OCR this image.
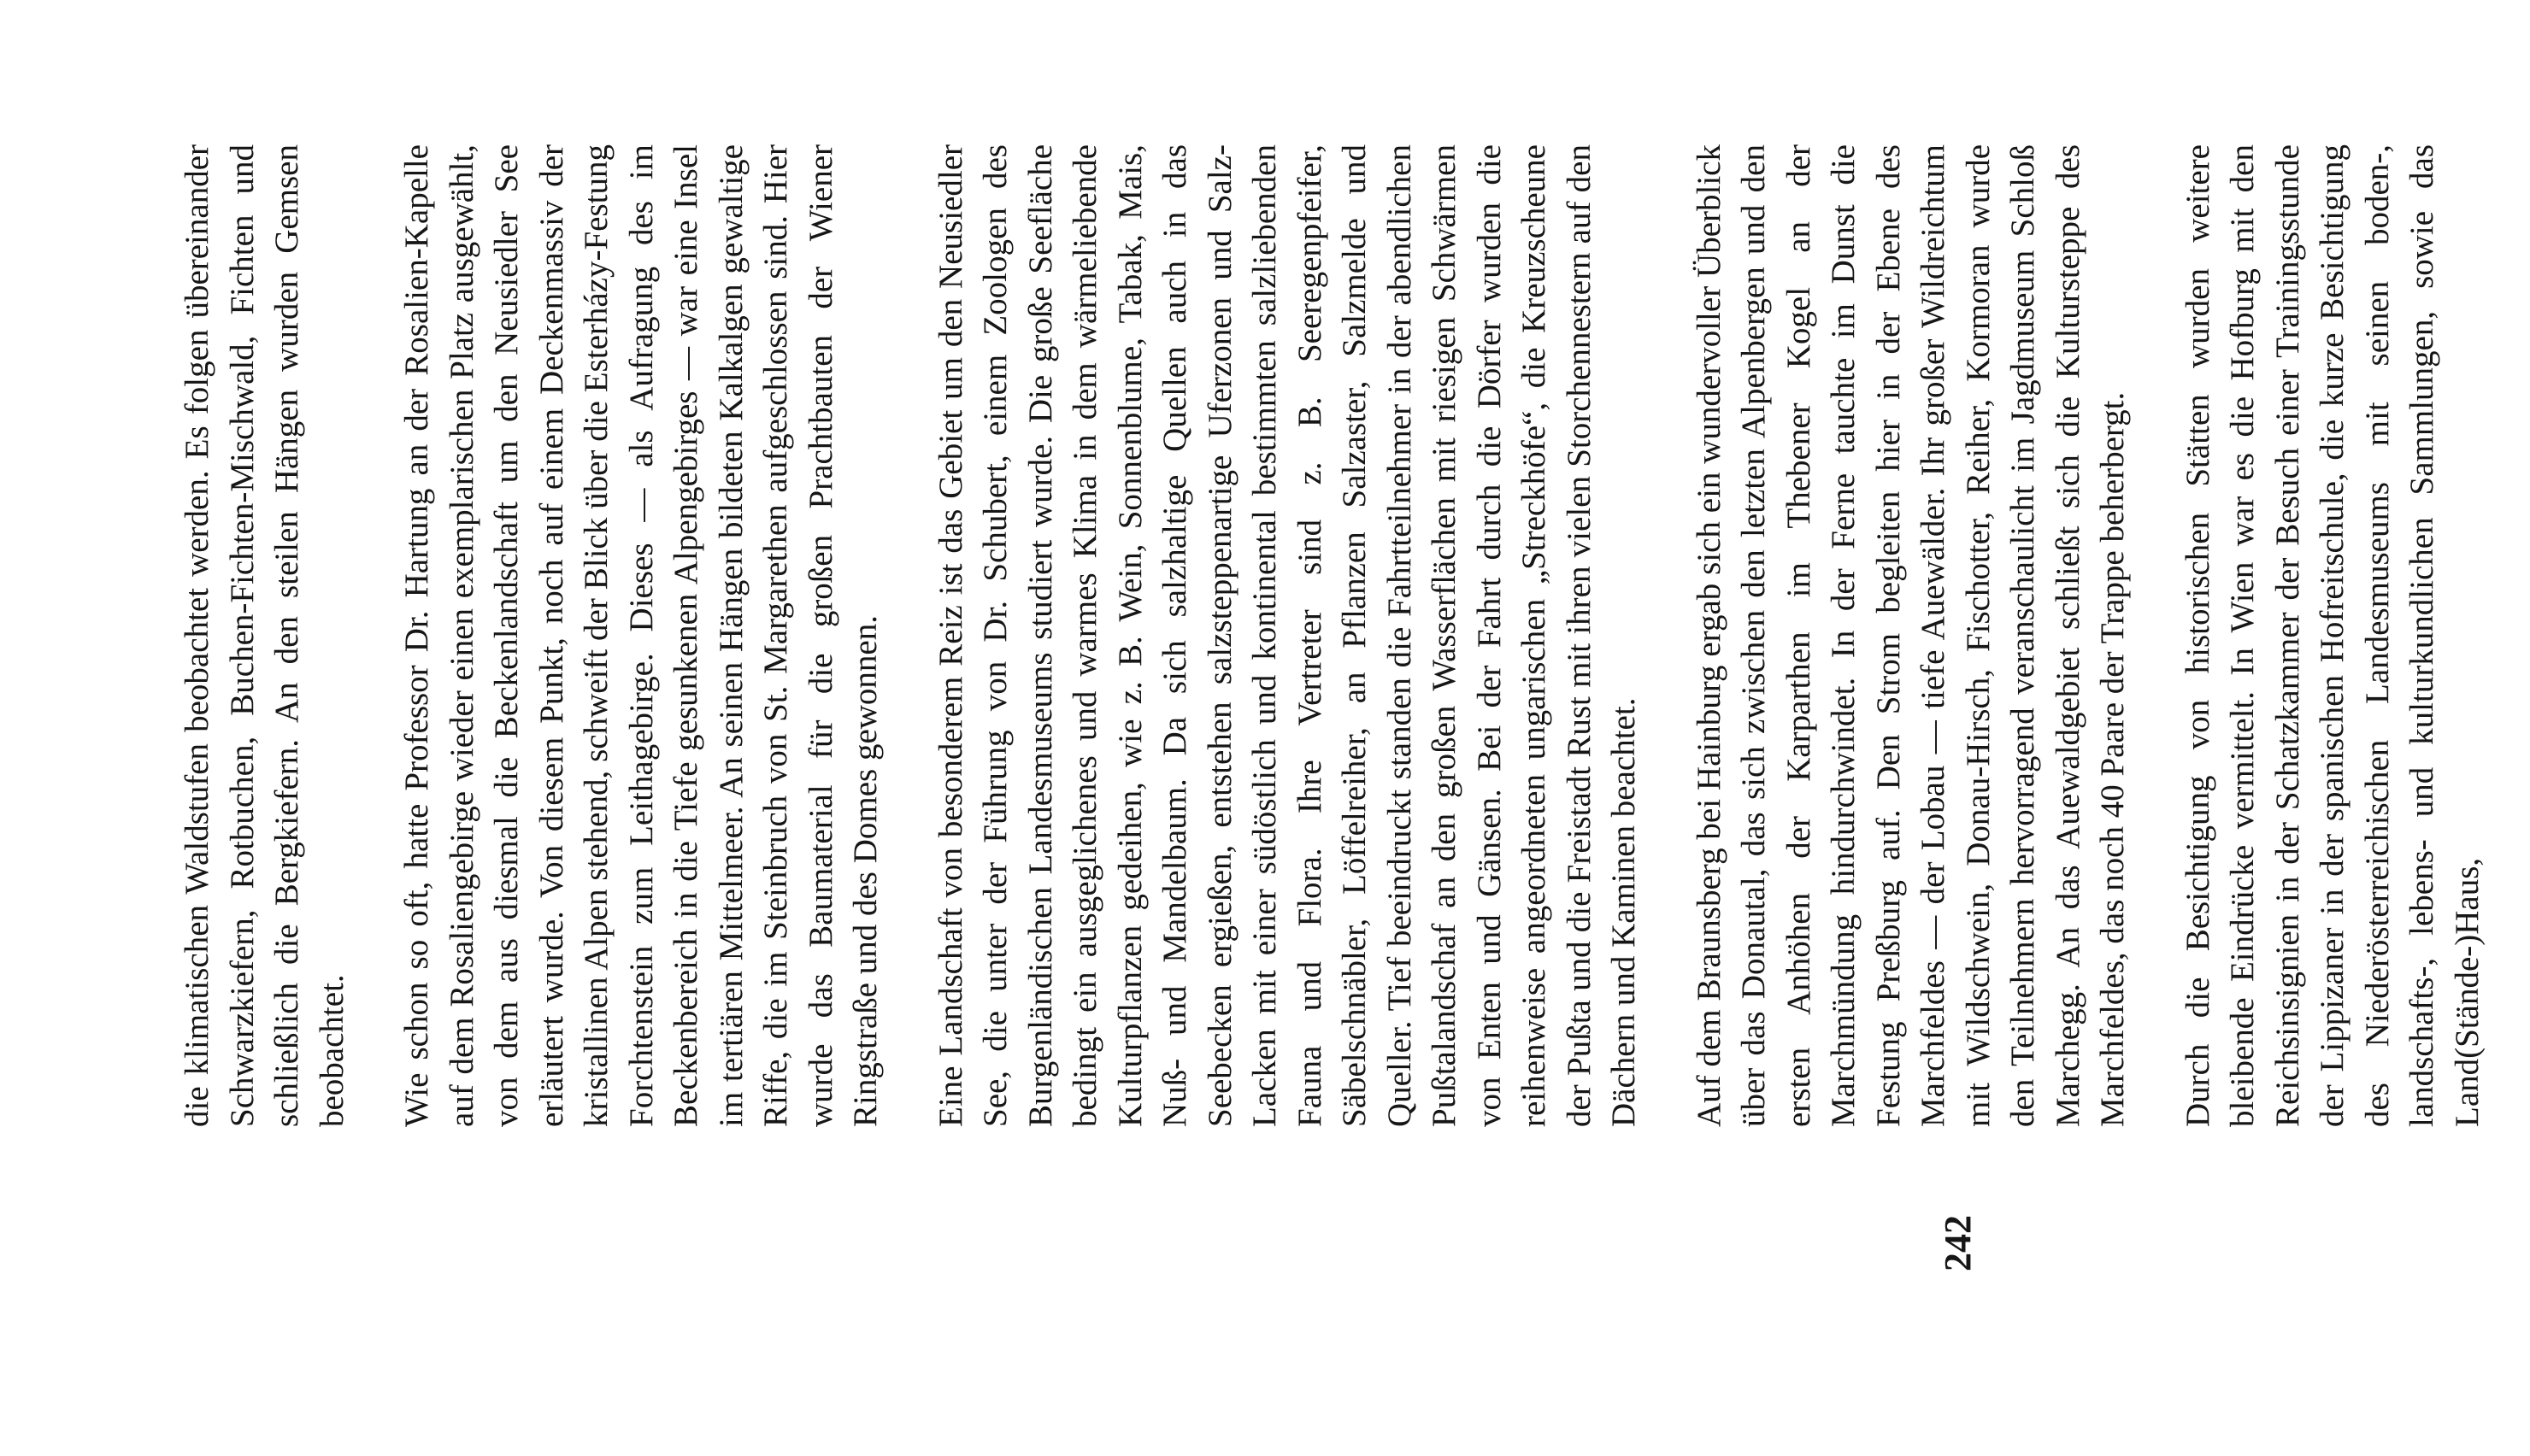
die klimatischen Waldstufen beobachtet werden. Es folgen übereinander Schwarzkiefern, Rotbuchen, Buchen-Fichten-Mischwald, Fichten und schließlich die Bergkiefern. An den steilen Hängen wurden Gemsen beobachtet. Wie schon so oft, hatte Professor Dr. Hartung an der Rosalien-Kapelle auf dem Rosaliengebirge wieder einen exemplarischen Platz ausgewählt, von dem aus diesmal die Beckenlandschaft um den Neusiedler See erläutert wurde. Von diesem Punkt, noch auf einem Deckenmassiv der kristallinen Alpen stehend, schweift der Blick über die Esterházy-Festung Forchtenstein zum Leithagebirge. Dieses — als Aufragung des im Beckenbereich in die Tiefe gesunkenen Alpengebirges — war eine Insel im tertiären Mittelmeer. An seinen Hängen bildeten Kalkalgen gewaltige Riffe, die im Steinbruch von St. Margarethen aufgeschlossen sind. Hier wurde das Baumaterial für die großen Prachtbauten der Wiener Ringstraße und des Domes gewonnen. Eine Landschaft von besonderem Reiz ist das Gebiet um den Neusiedler See, die unter der Führung von Dr. Schubert, einem Zoologen des Burgenländischen Landesmuseums studiert wurde. Die große Seefläche bedingt ein ausgeglichenes und warmes Klima in dem wärmeliebende Kulturpflanzen gedeihen, wie z. B. Wein, Sonnenblume, Tabak, Mais, Nuß- und Mandelbaum. Da sich salzhaltige Quellen auch in das Seebecken ergießen, entstehen salzsteppenartige Uferzonen und Salz-Lacken mit einer südöstlich und kontinental bestimmten salzliebenden Fauna und Flora. Ihre Vertreter sind z. B. Seeregenpfeifer, Säbelschnäbler, Löffelreiher, an Pflanzen Salzaster, Salzmelde und Queller. Tief beeindruckt standen die Fahrtteilnehmer in der abendlichen Pußtalandschaf an den großen Wasserflächen mit riesigen Schwärmen von Enten und Gänsen. Bei der Fahrt durch die Dörfer wurden die reihenweise angeordneten ungarischen „Streckhöfe“, die Kreuzscheune der Pußta und die Freistadt Rust mit ihren vielen Storchennestern auf den Dächern und Kaminen beachtet. Auf dem Braunsberg bei Hainburg ergab sich ein wundervoller Überblick über das Donautal, das sich zwischen den letzten Alpenbergen und den ersten Anhöhen der Karparthen im Thebener Kogel an der Marchmündung hindurchwindet. In der Ferne tauchte im Dunst die Festung Preßburg auf. Den Strom begleiten hier in der Ebene des Marchfeldes — der Lobau — tiefe Auewälder. Ihr großer Wildreichtum mit Wildschwein, Donau-Hirsch, Fischotter, Reiher, Kormoran wurde den Teilnehmern hervorragend veranschaulicht im Jagdmuseum Schloß Marchegg. An das Auewaldgebiet schließt sich die Kultursteppe des Marchfeldes, das noch 40 Paare der Trappe beherbergt. Durch die Besichtigung von historischen Stätten wurden weitere bleibende Eindrücke vermittelt. In Wien war es die Hofburg mit den Reichsinsignien in der Schatzkammer der Besuch einer Trainingsstunde der Lippizaner in der spanischen Hofreitschule, die kurze Besichtigung des Niederösterreichischen Landesmuseums mit seinen boden-, landschafts-, lebens- und kulturkundlichen Sammlungen, sowie das Land(Stände-)Haus,

242
